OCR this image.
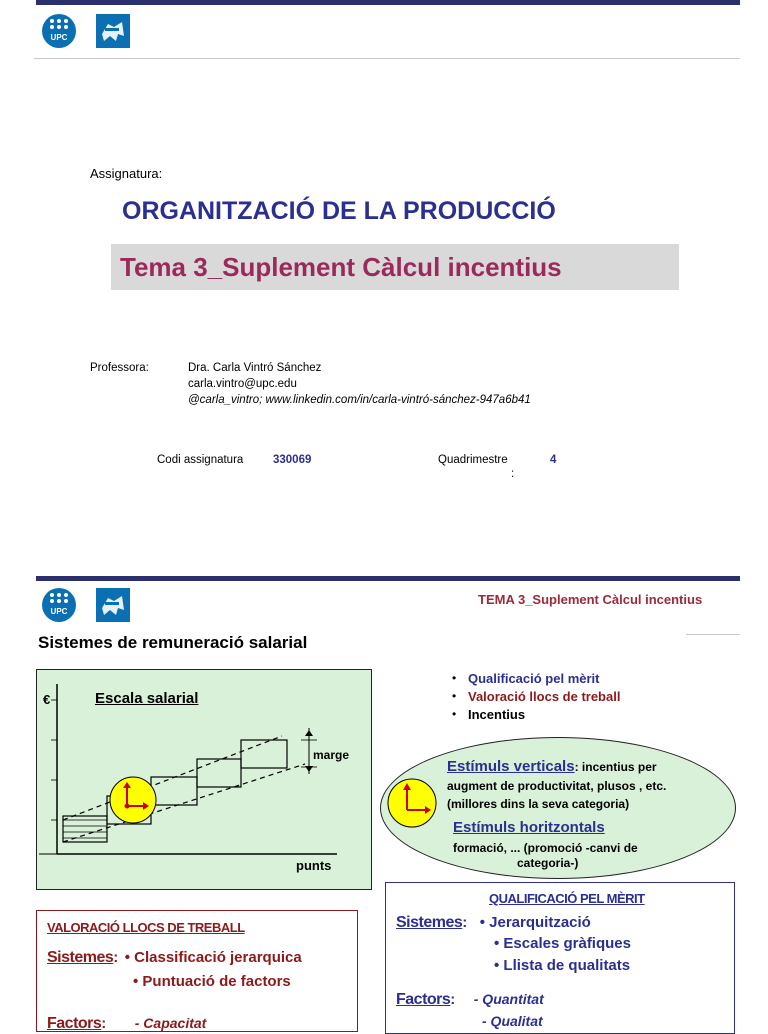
UPC
Assignatura:
ORGANITZACIÓ DE LA PRODUCCIÓ
Tema 3_Suplement Càlcul incentius
Professora:	Dra. Carla Vintró Sánchez
carla.vintro@upc.edu
@carla_vintro; www.linkedin.com/in/carla-vintró-sánchez-947a6b41
Codi assignatura	330069	Quadrimestre
:
4
UPC
TEMA 3_Suplement Càlcul incentius
Sistemes de remuneració salarial
€	Escala salarial
marge
punts
• Qualificació pel mèrit
• Valoració llocs de treball
• Incentius
Estímuls verticals: incentius per
augment de productivitat, plusos , etc.
(millores dins la seva categoria)
Estímuls horitzontals
formació, ... (promoció -canvi de
categoria-)
VALORACIÓ LLOCS DE TREBALL
Sistemes: • Classificació jerarquica
• Puntuació de factors
Factors: - Capacitat
QUALIFICACIÓ PEL MÈRIT
Sistemes: • Jerarquització
• Escales gràfiques
• Llista de qualitats
Factors: - Quantitat
- Qualitat
